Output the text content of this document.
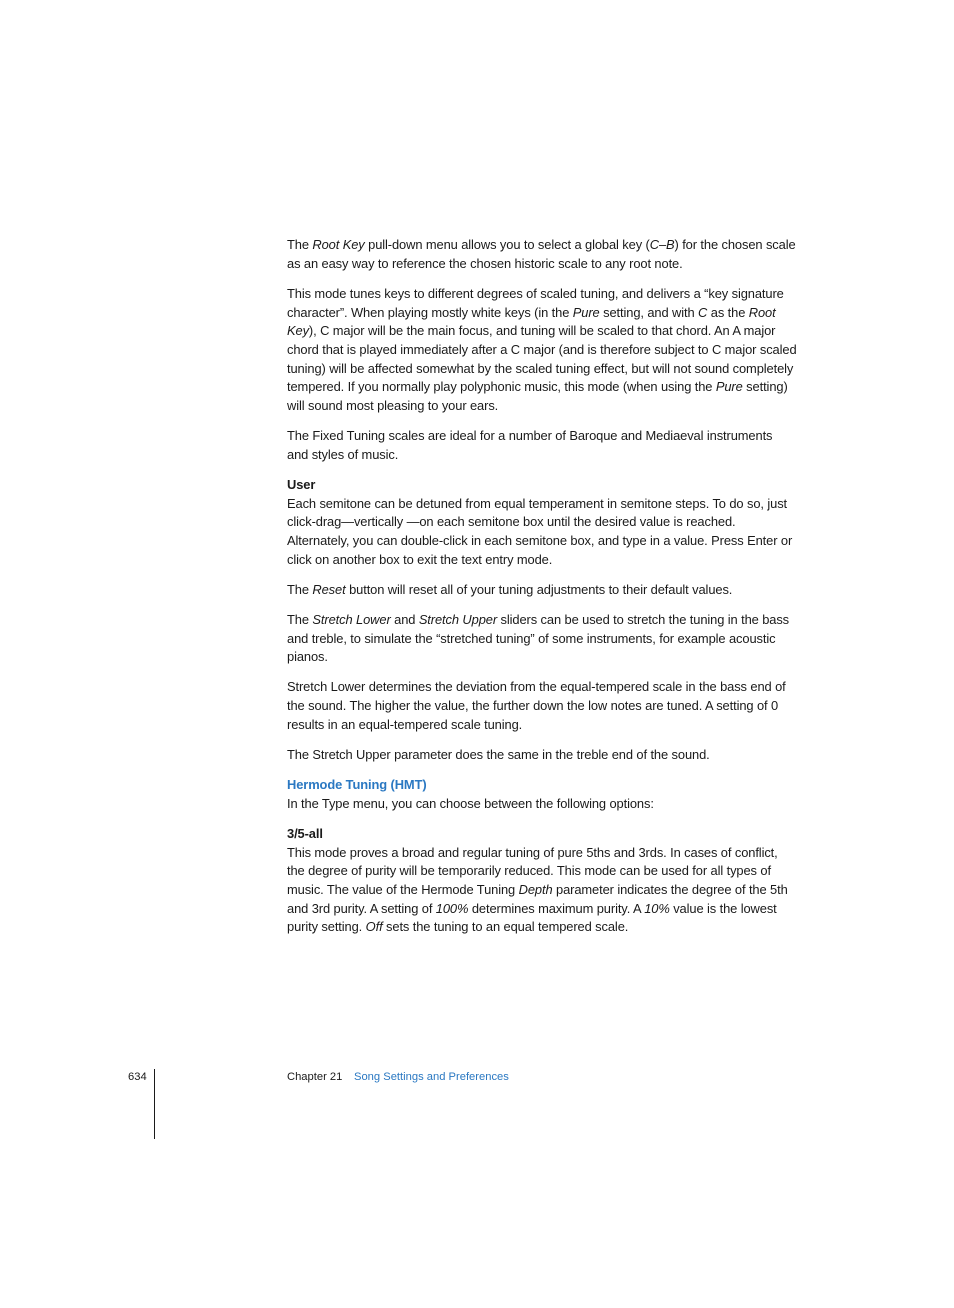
The Root Key pull-down menu allows you to select a global key (C–B) for the chosen scale as an easy way to reference the chosen historic scale to any root note.

This mode tunes keys to different degrees of scaled tuning, and delivers a “key signature character”. When playing mostly white keys (in the Pure setting, and with C as the Root Key), C major will be the main focus, and tuning will be scaled to that chord. An A major chord that is played immediately after a C major (and is therefore subject to C major scaled tuning) will be affected somewhat by the scaled tuning effect, but will not sound completely tempered. If you normally play polyphonic music, this mode (when using the Pure setting) will sound most pleasing to your ears.

The Fixed Tuning scales are ideal for a number of Baroque and Mediaeval instruments and styles of music.

User

Each semitone can be detuned from equal temperament in semitone steps. To do so, just click-drag—vertically —on each semitone box until the desired value is reached. Alternately, you can double-click in each semitone box, and type in a value. Press Enter or click on another box to exit the text entry mode.

The Reset button will reset all of your tuning adjustments to their default values.

The Stretch Lower and Stretch Upper sliders can be used to stretch the tuning in the bass and treble, to simulate the “stretched tuning” of some instruments, for example acoustic pianos.

Stretch Lower determines the deviation from the equal-tempered scale in the bass end of the sound. The higher the value, the further down the low notes are tuned. A setting of 0 results in an equal-tempered scale tuning.

The Stretch Upper parameter does the same in the treble end of the sound.

Hermode Tuning (HMT)

In the Type menu, you can choose between the following options:

3/5-all

This mode proves a broad and regular tuning of pure 5ths and 3rds. In cases of conflict, the degree of purity will be temporarily reduced. This mode can be used for all types of music. The value of the Hermode Tuning Depth parameter indicates the degree of the 5th and 3rd purity. A setting of 100% determines maximum purity. A 10% value is the lowest purity setting. Off sets the tuning to an equal tempered scale.

634	Chapter 21 Song Settings and Preferences
